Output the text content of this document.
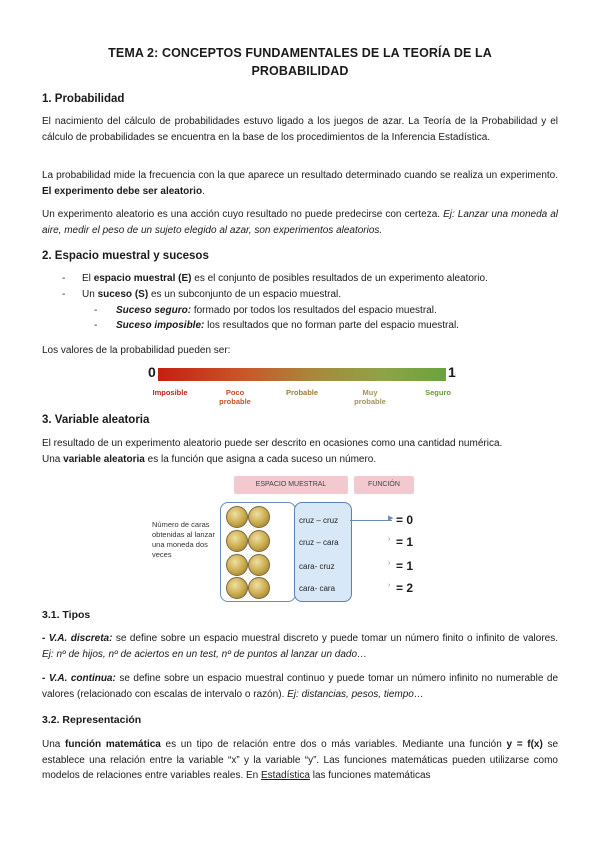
TEMA 2: CONCEPTOS FUNDAMENTALES DE LA TEORÍA DE LA PROBABILIDAD
1. Probabilidad
El nacimiento del cálculo de probabilidades estuvo ligado a los juegos de azar. La Teoría de la Probabilidad y el cálculo de probabilidades se encuentra en la base de los procedimientos de la Inferencia Estadística.
La probabilidad mide la frecuencia con la que aparece un resultado determinado cuando se realiza un experimento. El experimento debe ser aleatorio.
Un experimento aleatorio es una acción cuyo resultado no puede predecirse con certeza. Ej: Lanzar una moneda al aire, medir el peso de un sujeto elegido al azar, son experimentos aleatorios.
2. Espacio muestral y sucesos
- El espacio muestral (E) es el conjunto de posibles resultados de un experimento aleatorio.
- Un suceso (S) es un subconjunto de un espacio muestral.
- Suceso seguro: formado por todos los resultados del espacio muestral.
- Suceso imposible: los resultados que no forman parte del espacio muestral.
Los valores de la probabilidad pueden ser:
0	1
Imposible	Poco probable
Probable	Muy probable
Seguro
3. Variable aleatoria
El resultado de un experimento aleatorio puede ser descrito en ocasiones como una cantidad numérica.
Una variable aleatoria es la función que asigna a cada suceso un número.
ESPACIO MUESTRAL	FUNCIÓN
Número de caras obtenidas al lanzar una moneda dos veces
cruz – cruz
cruz – cara
cara- cruz
cara- cara
▶
›
›
›
= 0
= 1
= 1
= 2
3.1. Tipos
- V.A. discreta: se define sobre un espacio muestral discreto y puede tomar un número finito o infinito de valores. Ej: nº de hijos, nº de aciertos en un test, nº de puntos al lanzar un dado…
- V.A. continua: se define sobre un espacio muestral continuo y puede tomar un número infinito no numerable de valores (relacionado con escalas de intervalo o razón). Ej: distancias, pesos, tiempo…
3.2. Representación
Una función matemática es un tipo de relación entre dos o más variables. Mediante una función y = f(x) se establece una relación entre la variable “x” y la variable “y”. Las funciones matemáticas pueden utilizarse como modelos de relaciones entre variables reales. En Estadística las funciones matemáticas
